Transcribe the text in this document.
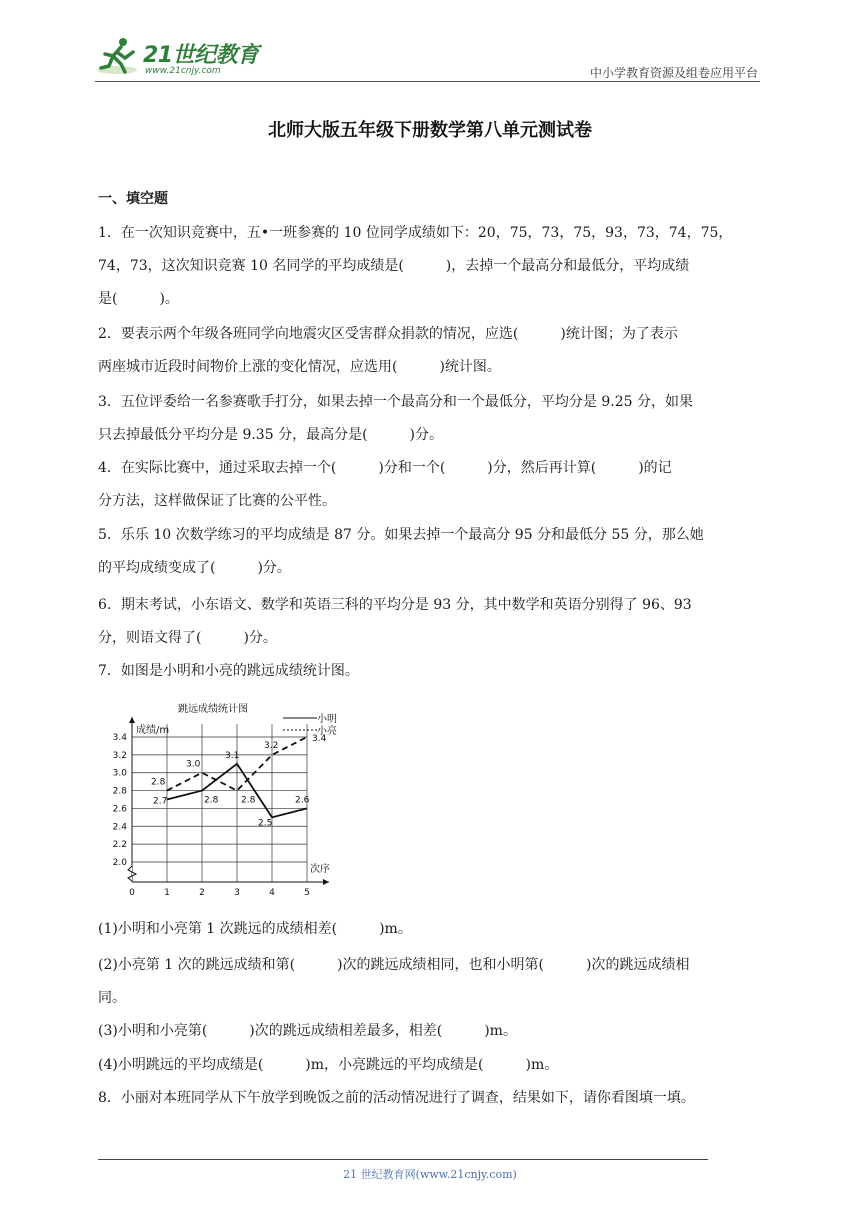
21世纪教育
www.21cnjy.com	中小学教育资源及组卷应用平台
北师大版五年级下册数学第八单元测试卷
一、填空题
1．在一次知识竞赛中，五•一班参赛的 10 位同学成绩如下：20，75，73，75，93，73，74，75，
74，73，这次知识竞赛 10 名同学的平均成绩是(　　　)，去掉一个最高分和最低分，平均成绩
是(　　　)。
2．要表示两个年级各班同学向地震灾区受害群众捐款的情况，应选(　　　)统计图；为了表示
两座城市近段时间物价上涨的变化情况，应选用(　　　)统计图。
3．五位评委给一名参赛歌手打分，如果去掉一个最高分和一个最低分，平均分是 9.25 分，如果
只去掉最低分平均分是 9.35 分，最高分是(　　　)分。
4．在实际比赛中，通过采取去掉一个(　　　)分和一个(　　　)分，然后再计算(　　　)的记
分方法，这样做保证了比赛的公平性。
5．乐乐 10 次数学练习的平均成绩是 87 分。如果去掉一个最高分 95 分和最低分 55 分，那么她
的平均成绩变成了(　　　)分。
6．期末考试，小东语文、数学和英语三科的平均分是 93 分，其中数学和英语分别得了 96、93
分，则语文得了(　　　)分。
7．如图是小明和小亮的跳远成绩统计图。
2.0
2.2
2.4
2.6
2.8
3.0
3.2
3.4
0	1	2	3	4	5
跳远成绩统计图
成绩/m
次序
小明
小亮
2.7	2.8
3.1
2.5
2.6
2.8
3.0
2.8
3.2
3.4
(1)小明和小亮第 1 次跳远的成绩相差(　　　)m。
(2)小亮第 1 次的跳远成绩和第(　　　)次的跳远成绩相同，也和小明第(　　　)次的跳远成绩相
同。
(3)小明和小亮第(　　　)次的跳远成绩相差最多，相差(　　　)m。
(4)小明跳远的平均成绩是(　　　)m，小亮跳远的平均成绩是(　　　)m。
8．小丽对本班同学从下午放学到晚饭之前的活动情况进行了调查，结果如下，请你看图填一填。
21 世纪教育网(www.21cnjy.com)
